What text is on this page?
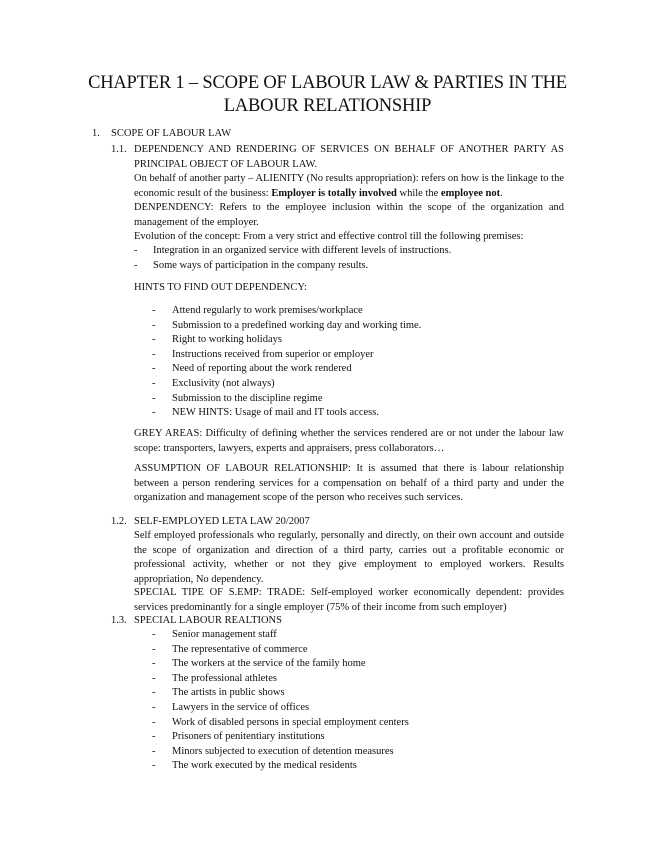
CHAPTER 1 – SCOPE OF LABOUR LAW & PARTIES IN THE LABOUR RELATIONSHIP
1. SCOPE OF LABOUR LAW
1.1. DEPENDENCY AND RENDERING OF SERVICES ON BEHALF OF ANOTHER PARTY AS PRINCIPAL OBJECT OF LABOUR LAW.
On behalf of another party – ALIENITY (No results appropriation): refers on how is the linkage to the economic result of the business: Employer is totally involved while the employee not.
DENPENDENCY: Refers to the employee inclusion within the scope of the organization and management of the employer.
Evolution of the concept: From a very strict and effective control till the following premises:
- Integration in an organized service with different levels of instructions.
- Some ways of participation in the company results.
HINTS TO FIND OUT DEPENDENCY:
- Attend regularly to work premises/workplace
- Submission to a predefined working day and working time.
- Right to working holidays
- Instructions received from superior or employer
- Need of reporting about the work rendered
- Exclusivity (not always)
- Submission to the discipline regime
- NEW HINTS: Usage of mail and IT tools access.
GREY AREAS: Difficulty of defining whether the services rendered are or not under the labour law scope: transporters, lawyers, experts and appraisers, press collaborators…
ASSUMPTION OF LABOUR RELATIONSHIP: It is assumed that there is labour relationship between a person rendering services for a compensation on behalf of a third party and under the organization and management scope of the person who receives such services.
1.2. SELF-EMPLOYED LETA LAW 20/2007
Self employed professionals who regularly, personally and directly, on their own account and outside the scope of organization and direction of a third party, carries out a profitable economic or professional activity, whether or not they give employment to employed workers. Results appropriation, No dependency.
SPECIAL TIPE OF S.EMP: TRADE: Self-employed worker economically dependent: provides services predominantly for a single employer (75% of their income from such employer)
1.3. SPECIAL LABOUR REALTIONS
- Senior management staff
- The representative of commerce
- The workers at the service of the family home
- The professional athletes
- The artists in public shows
- Lawyers in the service of offices
- Work of disabled persons in special employment centers
- Prisoners of penitentiary institutions
- Minors subjected to execution of detention measures
- The work executed by the medical residents
